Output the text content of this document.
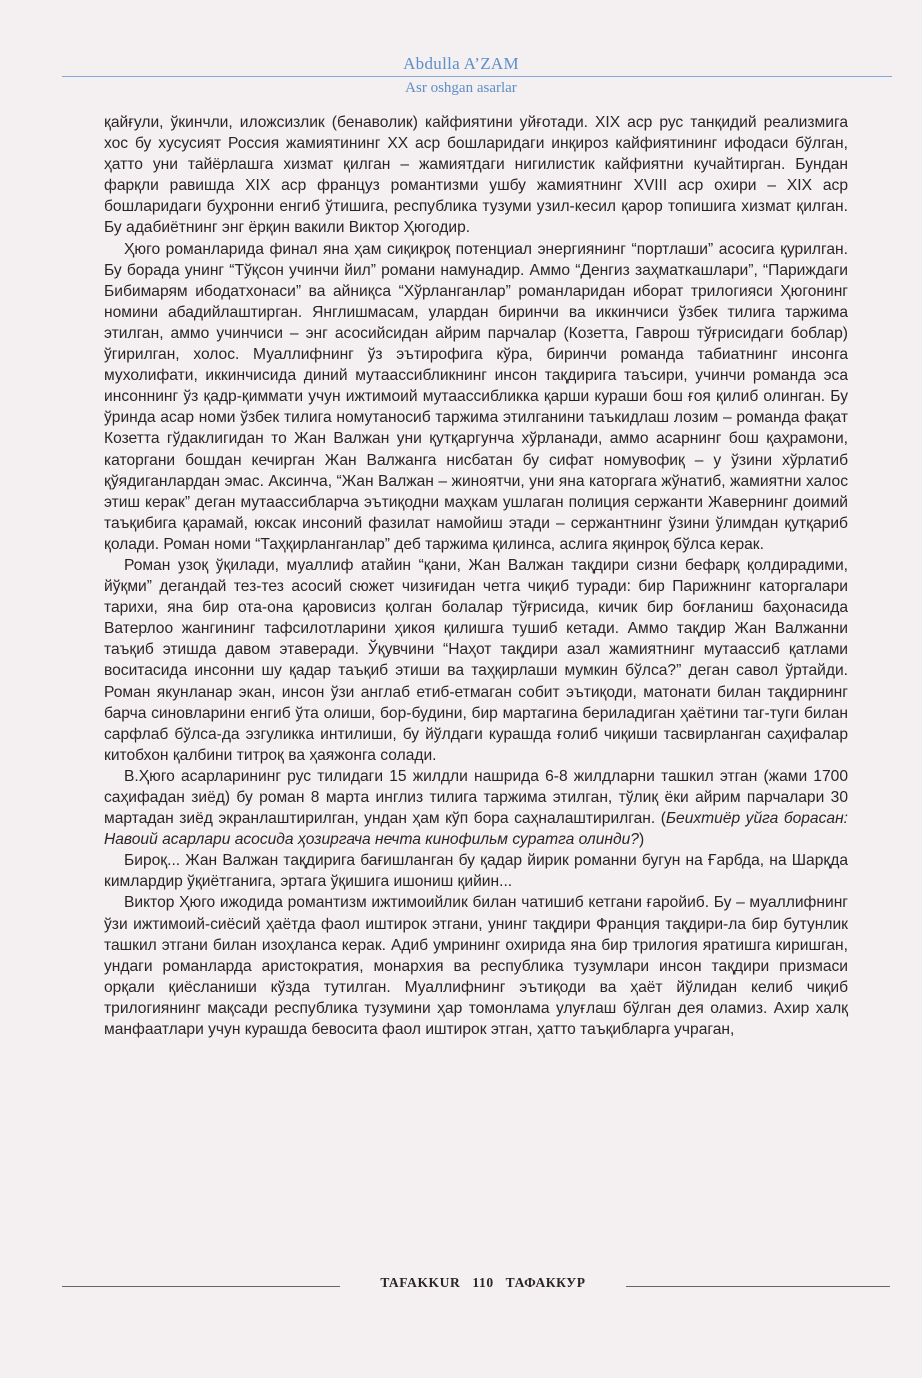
Abdulla A’ZAM
Asr oshgan asarlar

қайғули, ўкинчли, иложсизлик (бенаволик) кайфиятини уйғотади. XIX аср рус танқидий реализмига хос бу хусусият Россия жамиятининг XX аср бошларидаги инқироз кайфиятининг ифодаси бўлган, ҳатто уни тайёрлашга хизмат қилган – жамиятдаги нигилистик кайфиятни кучайтирган. Бундан фарқли равишда XIX аср француз романтизми ушбу жамиятнинг XVIII аср охири – XIX аср бошларидаги буҳронни енгиб ўтишига, республика тузуми узил-кесил қарор топишига хизмат қилган. Бу адабиётнинг энг ёрқин вакили Виктор Ҳюгодир.

Ҳюго романларида финал яна ҳам сиқиқроқ потенциал энергиянинг “портлаши” асосига қурилган. Бу борада унинг “Тўқсон учинчи йил” романи намунадир. Аммо “Денгиз заҳматкашлари”, “Париждаги Бибимарям ибодатхонаси” ва айниқса “Хўрланганлар” романларидан иборат трилогияси Ҳюгонинг номини абадийлаштирган. Янглишмасам, улардан биринчи ва иккинчиси ўзбек тилига таржима этилган, аммо учинчиси – энг асосийсидан айрим парчалар (Козетта, Гаврош тўғрисидаги боблар) ўгирилган, холос. Муаллифнинг ўз эътирофига кўра, биринчи романда табиатнинг инсонга мухолифати, иккинчисида диний мутаассибликнинг инсон тақдирига таъсири, учинчи романда эса инсоннинг ўз қадр-қиммати учун ижтимоий мутаассибликка қарши кураши бош ғоя қилиб олинган. Бу ўринда асар номи ўзбек тилига номутаносиб таржима этилганини таъкидлаш лозим – романда фақат Козетта гўдаклигидан то Жан Валжан уни қутқаргунча хўрланади, аммо асарнинг бош қаҳрамони, каторгани бошдан кечирган Жан Валжанга нисбатан бу сифат номувофиқ – у ўзини хўрлатиб қўядиганлардан эмас. Аксинча, “Жан Валжан – жиноятчи, уни яна каторгага жўнатиб, жамиятни халос этиш керак” деган мутаассибларча эътиқодни маҳкам ушлаган полиция сержанти Жавернинг доимий таъқибига қарамай, юксак инсоний фазилат намойиш этади – сержантнинг ўзини ўлимдан қутқариб қолади. Роман номи “Таҳқирланганлар” деб таржима қилинса, аслига яқинроқ бўлса керак.

Роман узоқ ўқилади, муаллиф атайин “қани, Жан Валжан тақдири сизни бефарқ қолдирадими, йўқми” дегандай тез-тез асосий сюжет чизиғидан четга чиқиб туради: бир Парижнинг каторгалари тарихи, яна бир ота-она қаровисиз қолган болалар тўғрисида, кичик бир боғланиш баҳонасида Ватерлоо жангининг тафсилотларини ҳикоя қилишга тушиб кетади. Аммо тақдир Жан Валжанни таъқиб этишда давом этаверади. Ўқувчини “Наҳот тақдири азал жамиятнинг мутаассиб қатлами воситасида инсонни шу қадар таъқиб этиши ва таҳқирлаши мумкин бўлса?” деган савол ўртайди. Роман якунланар экан, инсон ўзи англаб етиб-етмаган собит эътиқоди, матонати билан тақдирнинг барча синовларини енгиб ўта олиши, бор-будини, бир мартагина бериладиган ҳаётини таг-туги билан сарфлаб бўлса-да эзгуликка интилиши, бу йўлдаги курашда ғолиб чиқиши тасвирланган саҳифалар китобхон қалбини титроқ ва ҳаяжонга солади.

В.Ҳюго асарларининг рус тилидаги 15 жилдли нашрида 6-8 жилдларни ташкил этган (жами 1700 саҳифадан зиёд) бу роман 8 марта инглиз тилига таржима этилган, тўлиқ ёки айрим парчалари 30 мартадан зиёд экранлаштирилган, ундан ҳам кўп бора саҳналаштирилган. (Беихтиёр уйга борасан: Навоий асарлари асосида ҳозиргача нечта кинофильм суратга олинди?)

Бироқ... Жан Валжан тақдирига бағишланган бу қадар йирик романни бугун на Ғарбда, на Шарқда кимлардир ўқиётганига, эртага ўқишига ишониш қийин...

Виктор Ҳюго ижодида романтизм ижтимоийлик билан чатишиб кетгани ғаройиб. Бу – муаллифнинг ўзи ижтимоий-сиёсий ҳаётда фаол иштирок этгани, унинг тақдири Франция тақдири-ла бир бутунлик ташкил этгани билан изоҳланса керак. Адиб умрининг охирида яна бир трилогия яратишга киришган, ундаги романларда аристократия, монархия ва республика тузумлари инсон тақдири призмаси орқали қиёсланиши кўзда тутилган. Муаллифнинг эътиқоди ва ҳаёт йўлидан келиб чиқиб трилогиянинг мақсади республика тузумини ҳар томонлама улуғлаш бўлган дея оламиз. Ахир халқ манфаатлари учун курашда бевосита фаол иштирок этган, ҳатто таъқибларга учраган,

TAFAKKUR 110 ТАФАККУР
